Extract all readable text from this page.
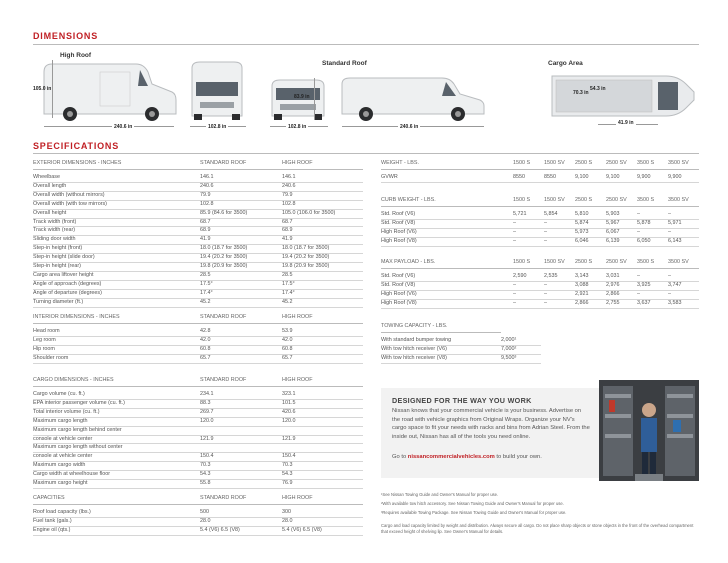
DIMENSIONS
High Roof
Standard Roof	Cargo Area
105.0 in
240.6 in	102.8 in
83.9 in
102.8 in	240.6 in
70.3 in
54.3 in
41.9 in
SPECIFICATIONS
EXTERIOR DIMENSIONS - INCHES	STANDARD ROOF	HIGH ROOF

Wheelbase	146.1	146.1
Overall length	240.6	240.6
Overall width (without mirrors)	79.9	79.9
Overall width (with tow mirrors)	102.8	102.8
Overall height	85.9 (84.6 for 3500)	105.0 (106.0 for 3500)
Track width (front)	68.7	68.7
Track width (rear)	68.9	68.9
Sliding door width	41.9	41.9
Step-in height (front)	18.0 (18.7 for 3500)	18.0 (18.7 for 3500)
Step-in height (slide door)	19.4 (20.2 for 3500)	19.4 (20.2 for 3500)
Step-in height (rear)	19.8 (20.9 for 3500)	19.8 (20.9 for 3500)
Cargo area liftover height	28.5	28.5
Angle of approach (degrees)	17.5°	17.5°
Angle of departure (degrees)	17.4°	17.4°
Turning diameter (ft.)	45.2	45.2
INTERIOR DIMENSIONS - INCHES	STANDARD ROOF	HIGH ROOF

Head room	42.8	53.9
Leg room	42.0	42.0
Hip room	60.8	60.8
Shoulder room	65.7	65.7
CARGO DIMENSIONS - INCHES	STANDARD ROOF	HIGH ROOF

Cargo volume (cu. ft.)	234.1	323.1
EPA interior passenger volume (cu. ft.)	88.3	101.5
Total interior volume (cu. ft.)	269.7	420.6
Maximum cargo length	120.0	120.0
Maximum cargo length behind center		
console at vehicle center	121.9	121.9
Maximum cargo length without center		
console at vehicle center	150.4	150.4
Maximum cargo width	70.3	70.3
Cargo width at wheelhouse floor	54.3	54.3
Maximum cargo height	55.8	76.9
CAPACITIES	STANDARD ROOF	HIGH ROOF

Roof load capacity (lbs.)	500	300
Fuel tank (gals.)	28.0	28.0
Engine oil (qts.)	5.4 (V6) 6.5 (V8)	5.4 (V6) 6.5 (V8)
WEIGHT - LBS.	1500 S	1500 SV	2500 S	2500 SV	3500 S	3500 SV

GVWR	8550	8550	9,100	9,100	9,900	9,900
CURB WEIGHT - LBS.	1500 S	1500 SV	2500 S	2500 SV	3500 S	3500 SV

Std. Roof (V6)	5,721	5,854	5,810	5,903	–	–
Std. Roof (V8)	–	–	5,874	5,967	5,878	5,971
High Roof (V6)	–	–	5,973	6,067	–	–
High Roof (V8)	–	–	6,046	6,139	6,050	6,143
MAX PAYLOAD - LBS.	1500 S	1500 SV	2500 S	2500 SV	3500 S	3500 SV

Std. Roof (V6)	2,590	2,535	3,143	3,031	–	–
Std. Roof (V8)	–	–	3,088	2,976	3,925	3,747
High Roof (V6)	–	–	2,921	2,866	–	–
High Roof (V8)	–	–	2,866	2,755	3,637	3,583
TOWING CAPACITY - LBS.	

With standard bumper towing	2,000¹
With tow hitch receiver (V6)	7,000²
With tow hitch receiver (V8)	9,500³
DESIGNED FOR THE WAY YOU WORK
Nissan knows that your commercial vehicle is your business. Advertise on the road with vehicle graphics from Original Wraps. Organize your NV's cargo space to fit your needs with racks and bins from Adrian Steel. From the inside out, Nissan has all of the tools you need online.
Go to nissancommercialvehicles.com to build your own.
¹See Nissan Towing Guide and Owner's Manual for proper use.
²With available tow hitch accessory. See Nissan Towing Guide and Owner's Manual for proper use.
³Requires available Towing Package. See Nissan Towing Guide and Owner's Manual for proper use.
Cargo and load capacity limited by weight and distribution. Always secure all cargo. Do not place sharp objects or stone objects in the front of the overhead compartment that exceed height of shelving lip. See Owner's Manual for details.
